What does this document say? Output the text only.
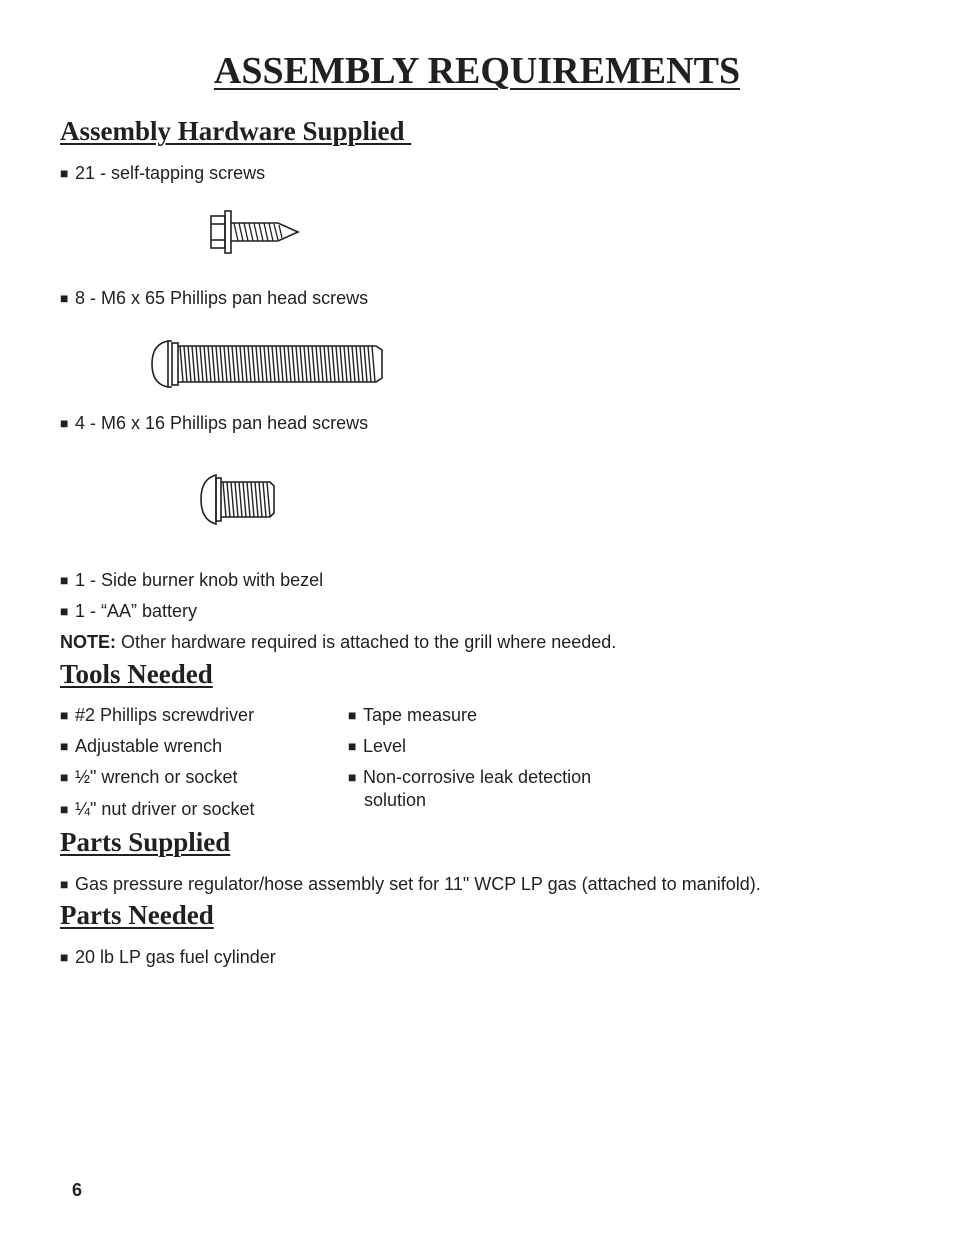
ASSEMBLY REQUIREMENTS
Assembly Hardware Supplied
■ 21 - self-tapping screws
■ 8 - M6 x 65 Phillips pan head screws
■ 4 - M6 x 16 Phillips pan head screws
■ 1 - Side burner knob with bezel
■ 1 - “AA” battery
NOTE: Other hardware required is attached to the grill where needed.
Tools Needed
■ #2 Phillips screwdriver
■ Adjustable wrench
■ ½" wrench or socket
■ ¼" nut driver or socket
■ Tape measure
■ Level
■ Non-corrosive leak detection
solution
Parts Supplied
■ Gas pressure regulator/hose assembly set for 11" WCP LP gas (attached to manifold).
Parts Needed
■ 20 lb LP gas fuel cylinder
6
